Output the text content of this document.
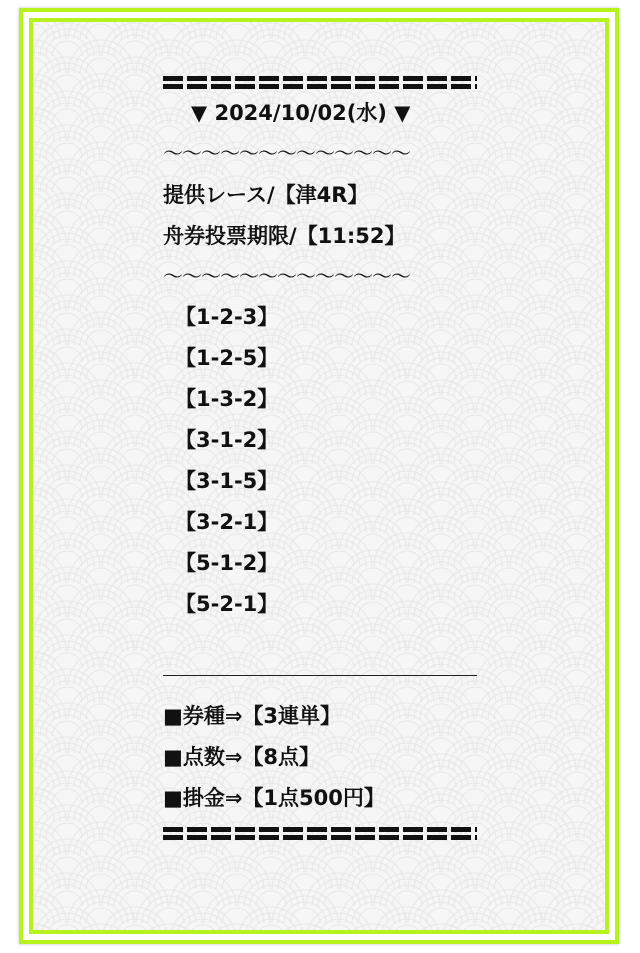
▼ 2024/10/02(水) ▼
〜〜〜〜〜〜〜〜〜〜〜〜〜
提供レース/【津4R】
舟券投票期限/【11:52】
〜〜〜〜〜〜〜〜〜〜〜〜〜
【1-2-3】
【1-2-5】
【1-3-2】
【3-1-2】
【3-1-5】
【3-2-1】
【5-1-2】
【5-2-1】
■券種⇒【3連単】
■点数⇒【8点】
■掛金⇒【1点500円】
